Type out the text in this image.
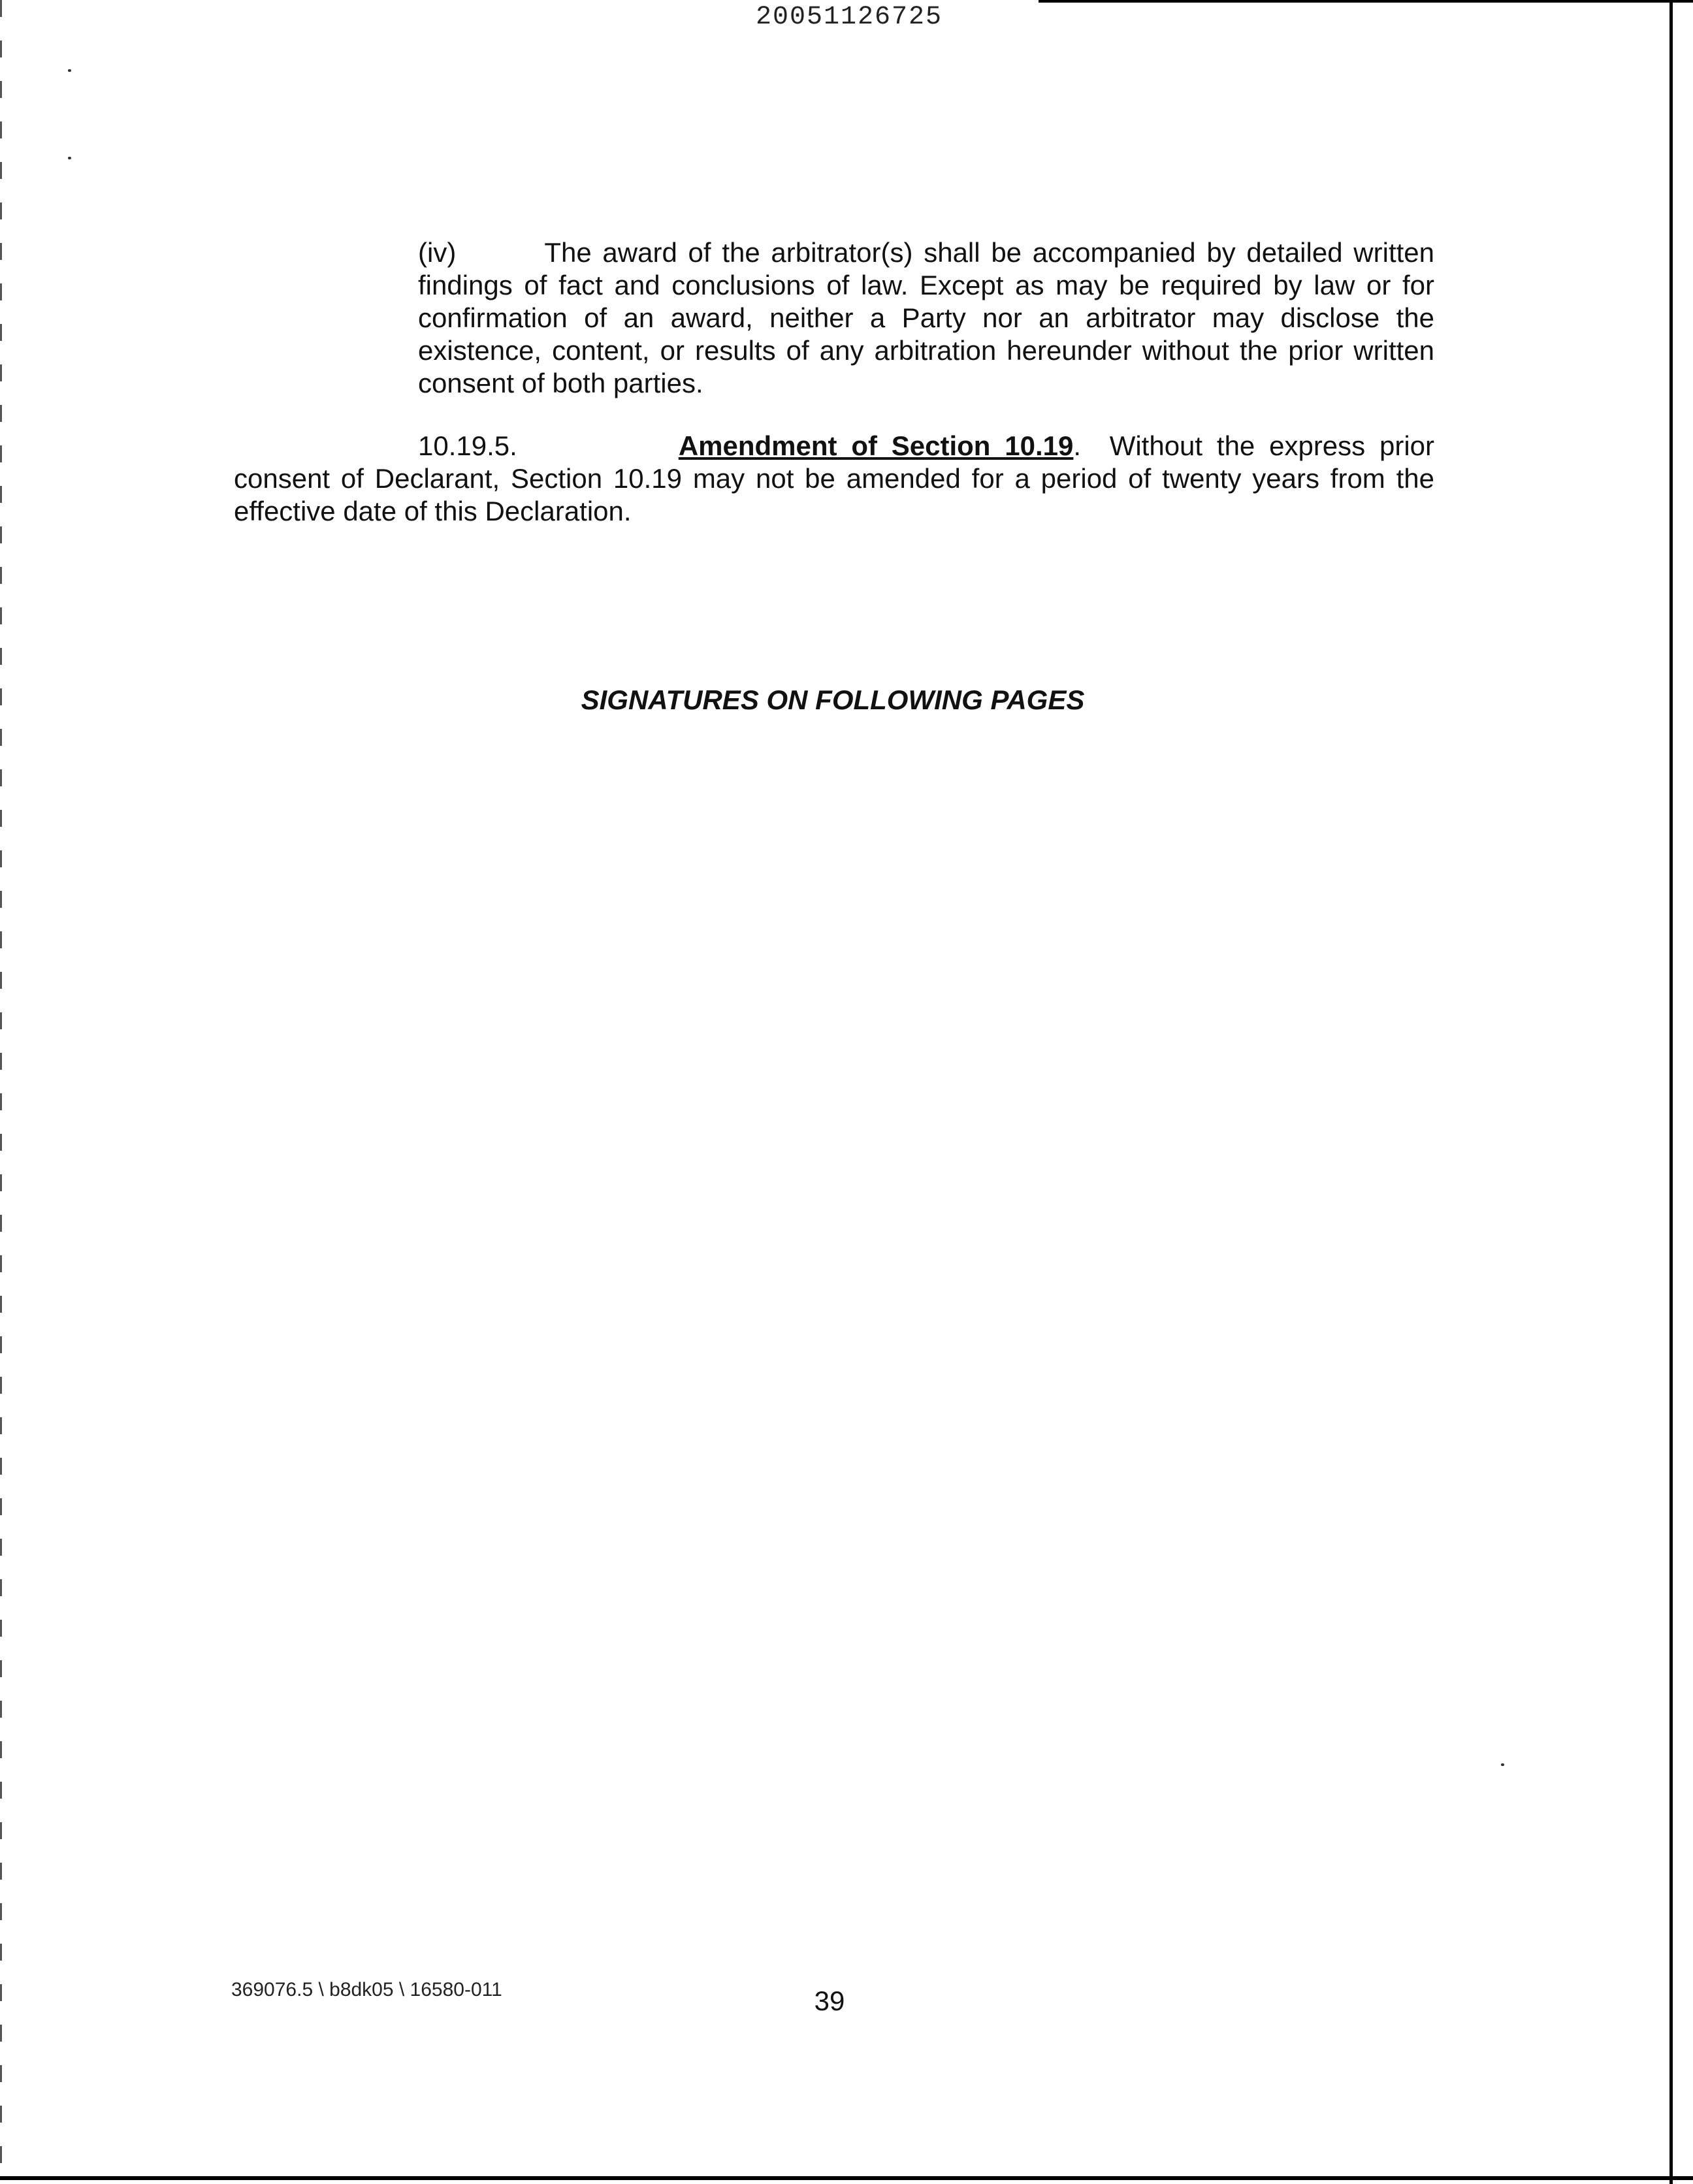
20051126725
(iv)	The award of the arbitrator(s) shall be accompanied by detailed written findings of fact and conclusions of law. Except as may be required by law or for confirmation of an award, neither a Party nor an arbitrator may disclose the existence, content, or results of any arbitration hereunder without the prior written consent of both parties.
10.19.5.	Amendment of Section 10.19. Without the express prior consent of Declarant, Section 10.19 may not be amended for a period of twenty years from the effective date of this Declaration.
SIGNATURES ON FOLLOWING PAGES
369076.5 \ b8dk05 \ 16580-011	39
